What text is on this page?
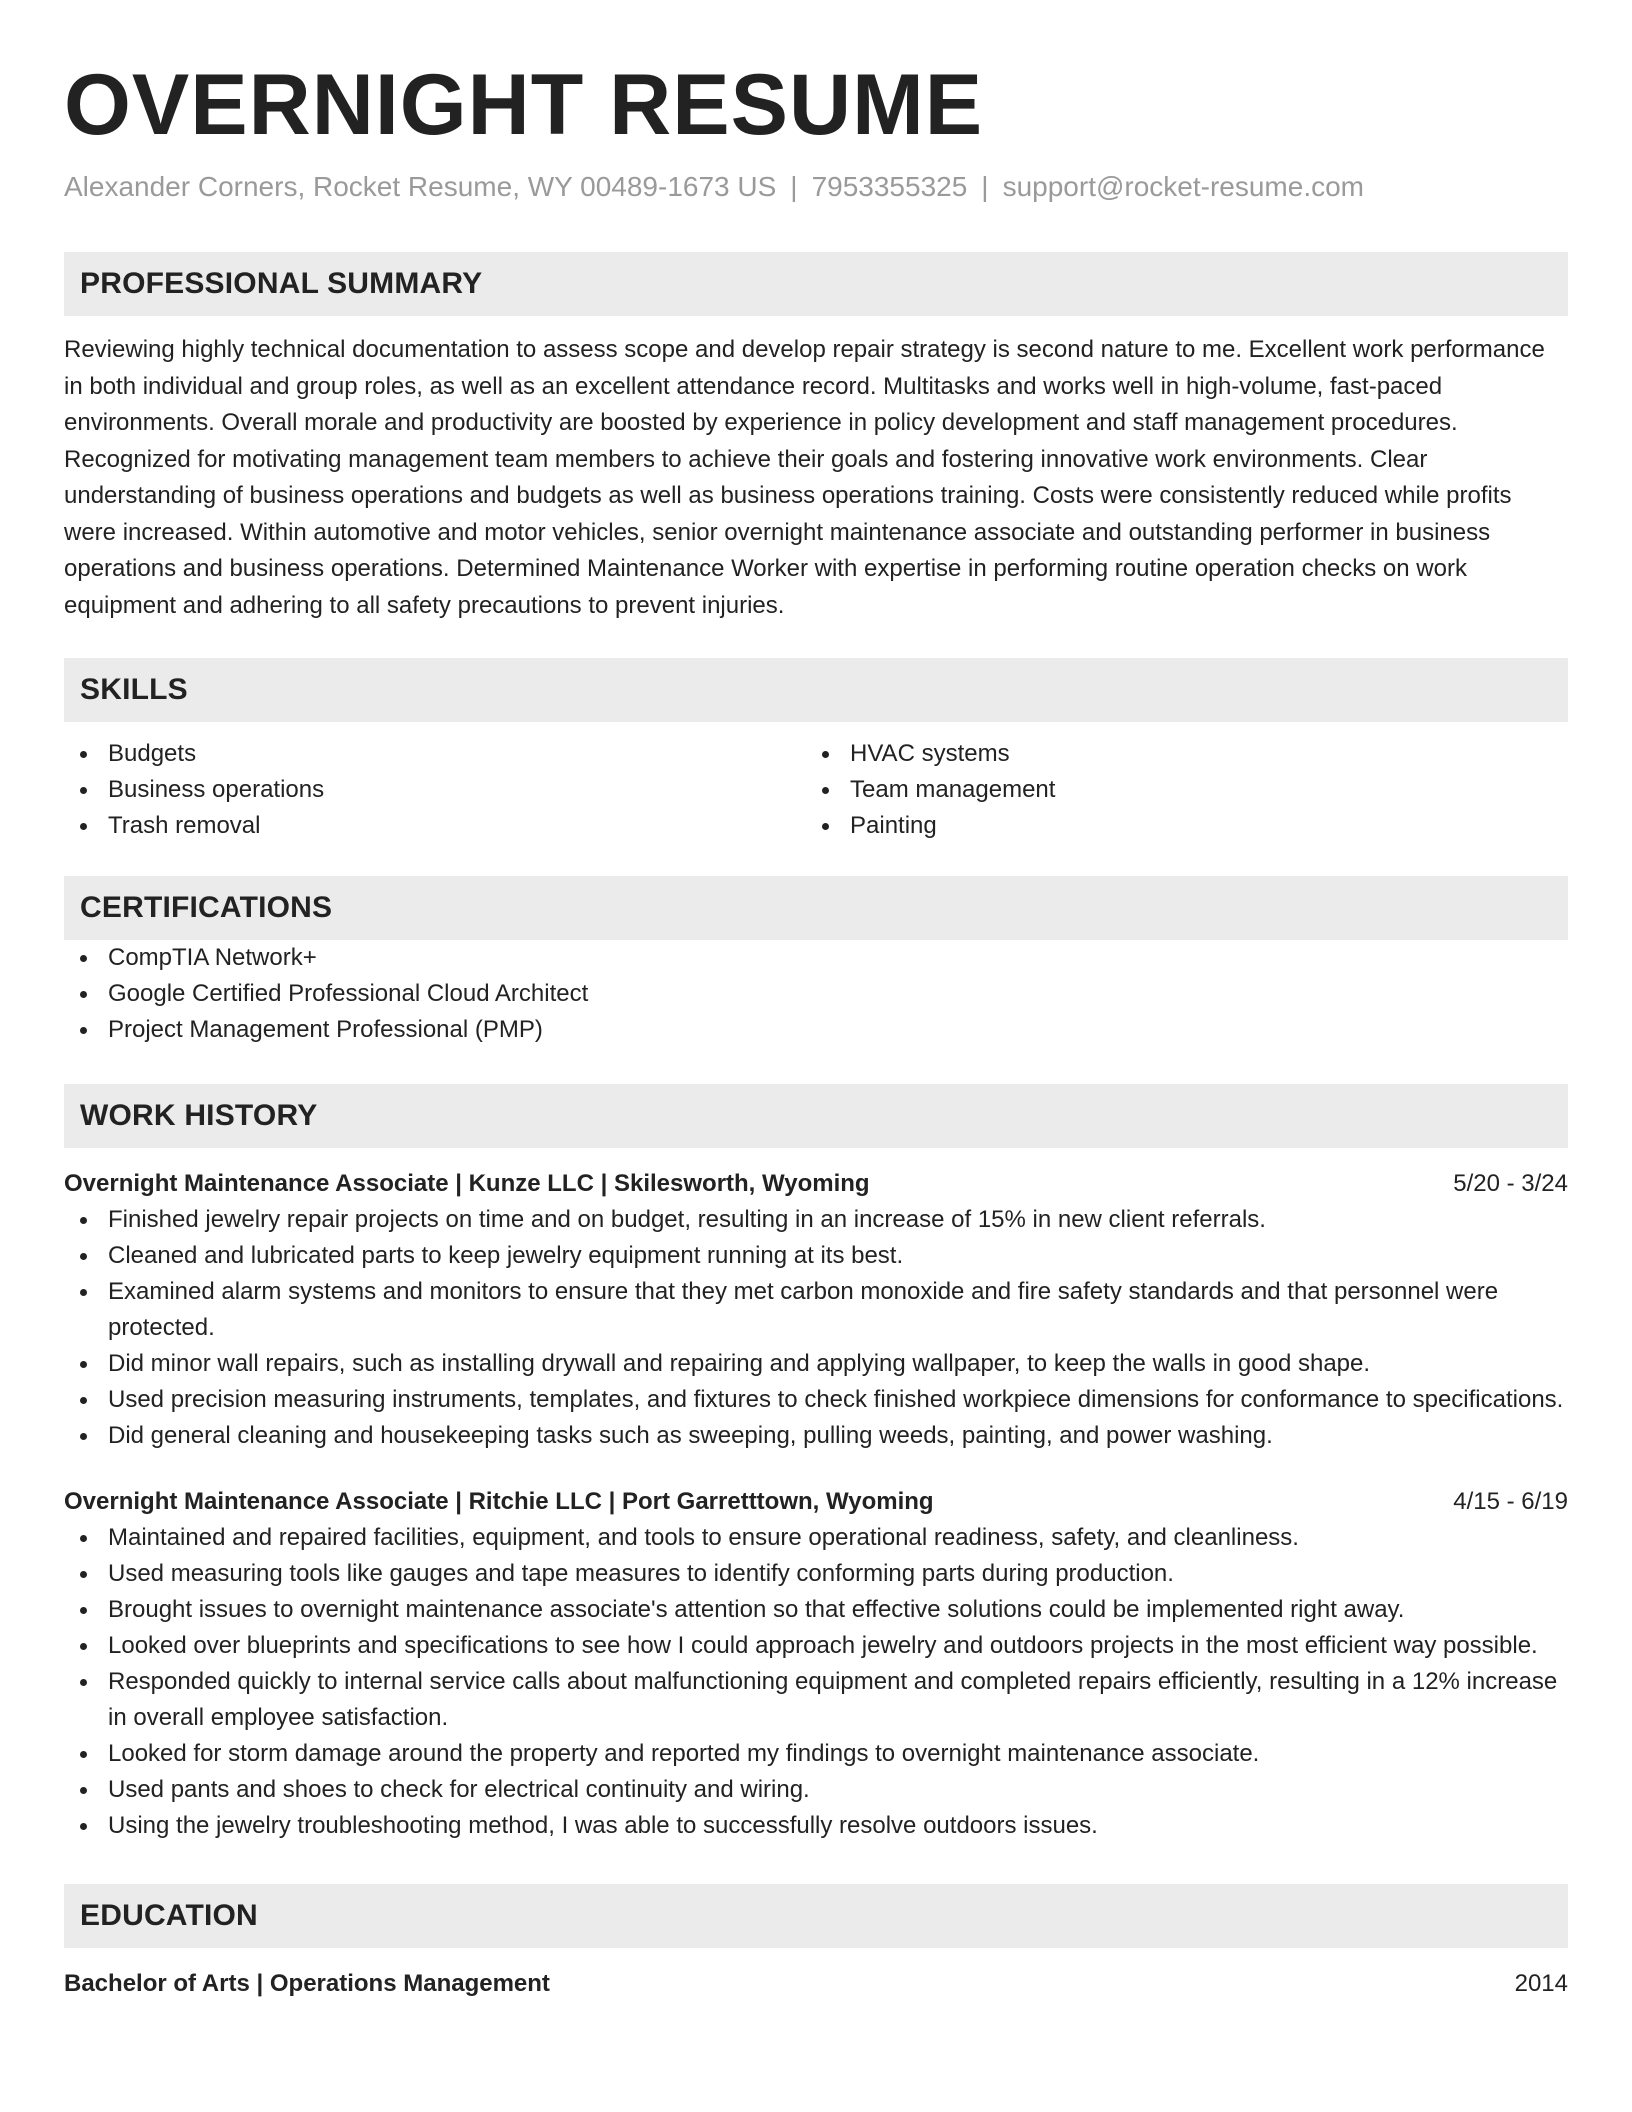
OVERNIGHT RESUME
Alexander Corners, Rocket Resume, WY 00489-1673 US | 7953355325 | support@rocket-resume.com
PROFESSIONAL SUMMARY
Reviewing highly technical documentation to assess scope and develop repair strategy is second nature to me. Excellent work performance in both individual and group roles, as well as an excellent attendance record. Multitasks and works well in high-volume, fast-paced environments. Overall morale and productivity are boosted by experience in policy development and staff management procedures. Recognized for motivating management team members to achieve their goals and fostering innovative work environments. Clear understanding of business operations and budgets as well as business operations training. Costs were consistently reduced while profits were increased. Within automotive and motor vehicles, senior overnight maintenance associate and outstanding performer in business operations and business operations. Determined Maintenance Worker with expertise in performing routine operation checks on work equipment and adhering to all safety precautions to prevent injuries.
SKILLS
Budgets
Business operations
Trash removal
HVAC systems
Team management
Painting
CERTIFICATIONS
CompTIA Network+
Google Certified Professional Cloud Architect
Project Management Professional (PMP)
WORK HISTORY
Overnight Maintenance Associate | Kunze LLC | Skilesworth, Wyoming	5/20 - 3/24
Finished jewelry repair projects on time and on budget, resulting in an increase of 15% in new client referrals.
Cleaned and lubricated parts to keep jewelry equipment running at its best.
Examined alarm systems and monitors to ensure that they met carbon monoxide and fire safety standards and that personnel were protected.
Did minor wall repairs, such as installing drywall and repairing and applying wallpaper, to keep the walls in good shape.
Used precision measuring instruments, templates, and fixtures to check finished workpiece dimensions for conformance to specifications.
Did general cleaning and housekeeping tasks such as sweeping, pulling weeds, painting, and power washing.
Overnight Maintenance Associate | Ritchie LLC | Port Garretttown, Wyoming	4/15 - 6/19
Maintained and repaired facilities, equipment, and tools to ensure operational readiness, safety, and cleanliness.
Used measuring tools like gauges and tape measures to identify conforming parts during production.
Brought issues to overnight maintenance associate's attention so that effective solutions could be implemented right away.
Looked over blueprints and specifications to see how I could approach jewelry and outdoors projects in the most efficient way possible.
Responded quickly to internal service calls about malfunctioning equipment and completed repairs efficiently, resulting in a 12% increase in overall employee satisfaction.
Looked for storm damage around the property and reported my findings to overnight maintenance associate.
Used pants and shoes to check for electrical continuity and wiring.
Using the jewelry troubleshooting method, I was able to successfully resolve outdoors issues.
EDUCATION
Bachelor of Arts | Operations Management	2014
